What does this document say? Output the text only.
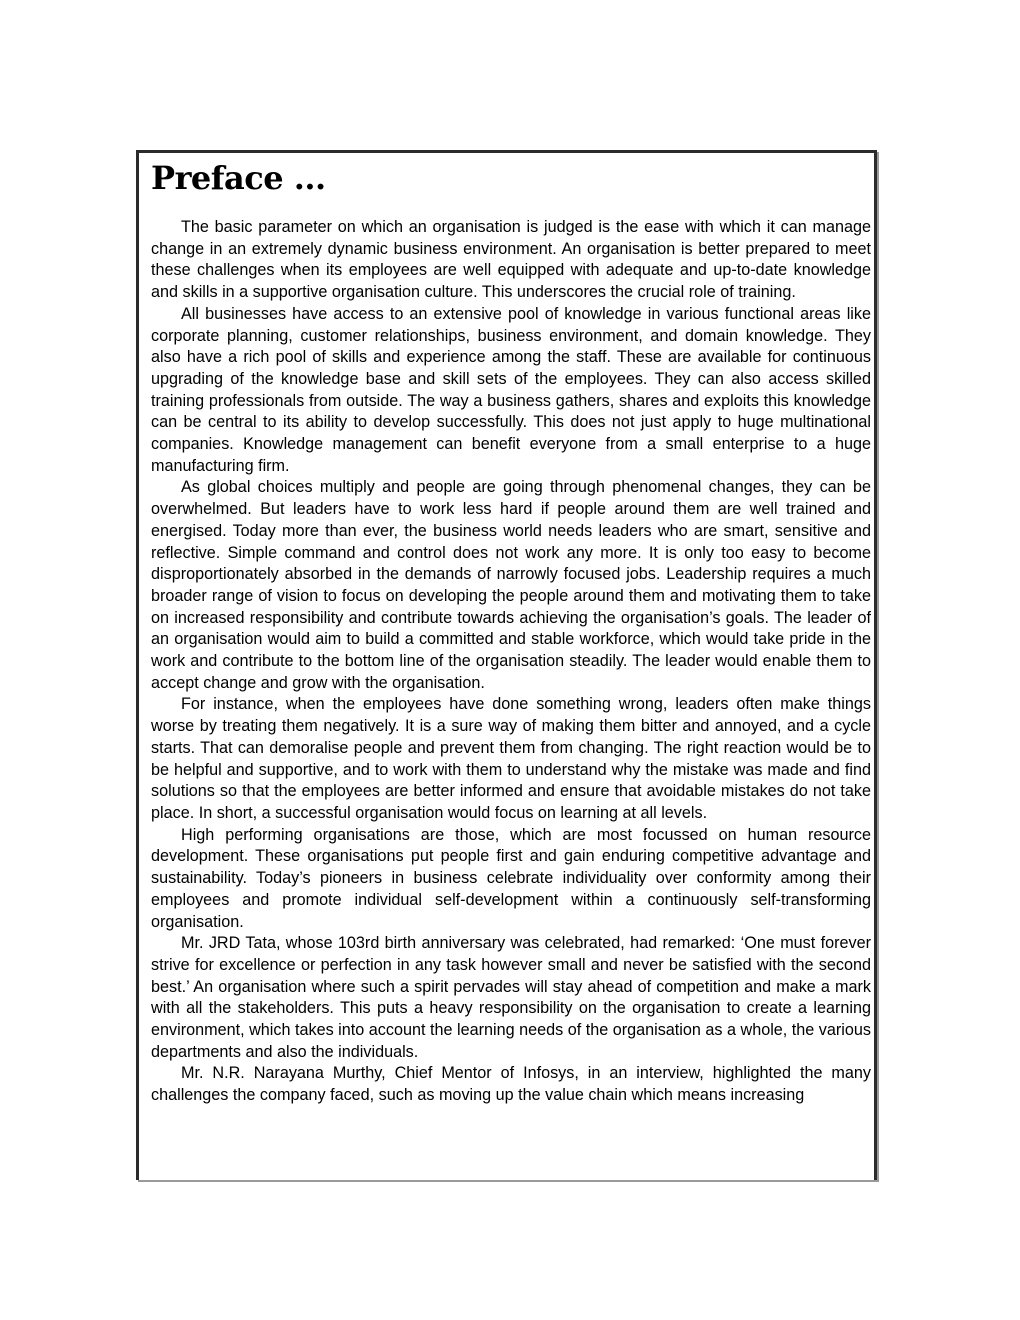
Preface ...

The basic parameter on which an organisation is judged is the ease with which it can manage change in an extremely dynamic business environment. An organisation is better prepared to meet these challenges when its employees are well equipped with adequate and up-to-date knowledge and skills in a supportive organisation culture. This underscores the crucial role of training.

All businesses have access to an extensive pool of knowledge in various functional areas like corporate planning, customer relationships, business environment, and domain knowledge. They also have a rich pool of skills and experience among the staff. These are available for continuous upgrading of the knowledge base and skill sets of the employees. They can also access skilled training professionals from outside. The way a business gathers, shares and exploits this knowledge can be central to its ability to develop successfully. This does not just apply to huge multinational companies. Knowledge management can benefit everyone from a small enterprise to a huge manufacturing firm.

As global choices multiply and people are going through phenomenal changes, they can be overwhelmed. But leaders have to work less hard if people around them are well trained and energised. Today more than ever, the business world needs leaders who are smart, sensitive and reflective. Simple command and control does not work any more. It is only too easy to become disproportionately absorbed in the demands of narrowly focused jobs. Leadership requires a much broader range of vision to focus on developing the people around them and motivating them to take on increased responsibility and contribute towards achieving the organisation’s goals. The leader of an organisation would aim to build a committed and stable workforce, which would take pride in the work and contribute to the bottom line of the organisation steadily. The leader would enable them to accept change and grow with the organisation.

For instance, when the employees have done something wrong, leaders often make things worse by treating them negatively. It is a sure way of making them bitter and annoyed, and a cycle starts. That can demoralise people and prevent them from changing. The right reaction would be to be helpful and supportive, and to work with them to understand why the mistake was made and find solutions so that the employees are better informed and ensure that avoidable mistakes do not take place. In short, a successful organisation would focus on learning at all levels.

High performing organisations are those, which are most focussed on human resource development. These organisations put people first and gain enduring competitive advantage and sustainability. Today’s pioneers in business celebrate individuality over conformity among their employees and promote individual self-development within a continuously self-transforming organisation.

Mr. JRD Tata, whose 103rd birth anniversary was celebrated, had remarked: ‘One must forever strive for excellence or perfection in any task however small and never be satisfied with the second best.’ An organisation where such a spirit pervades will stay ahead of competition and make a mark with all the stakeholders. This puts a heavy responsibility on the organisation to create a learning environment, which takes into account the learning needs of the organisation as a whole, the various departments and also the individuals.

Mr. N.R. Narayana Murthy, Chief Mentor of Infosys, in an interview, highlighted the many challenges the company faced, such as moving up the value chain which means increasing
